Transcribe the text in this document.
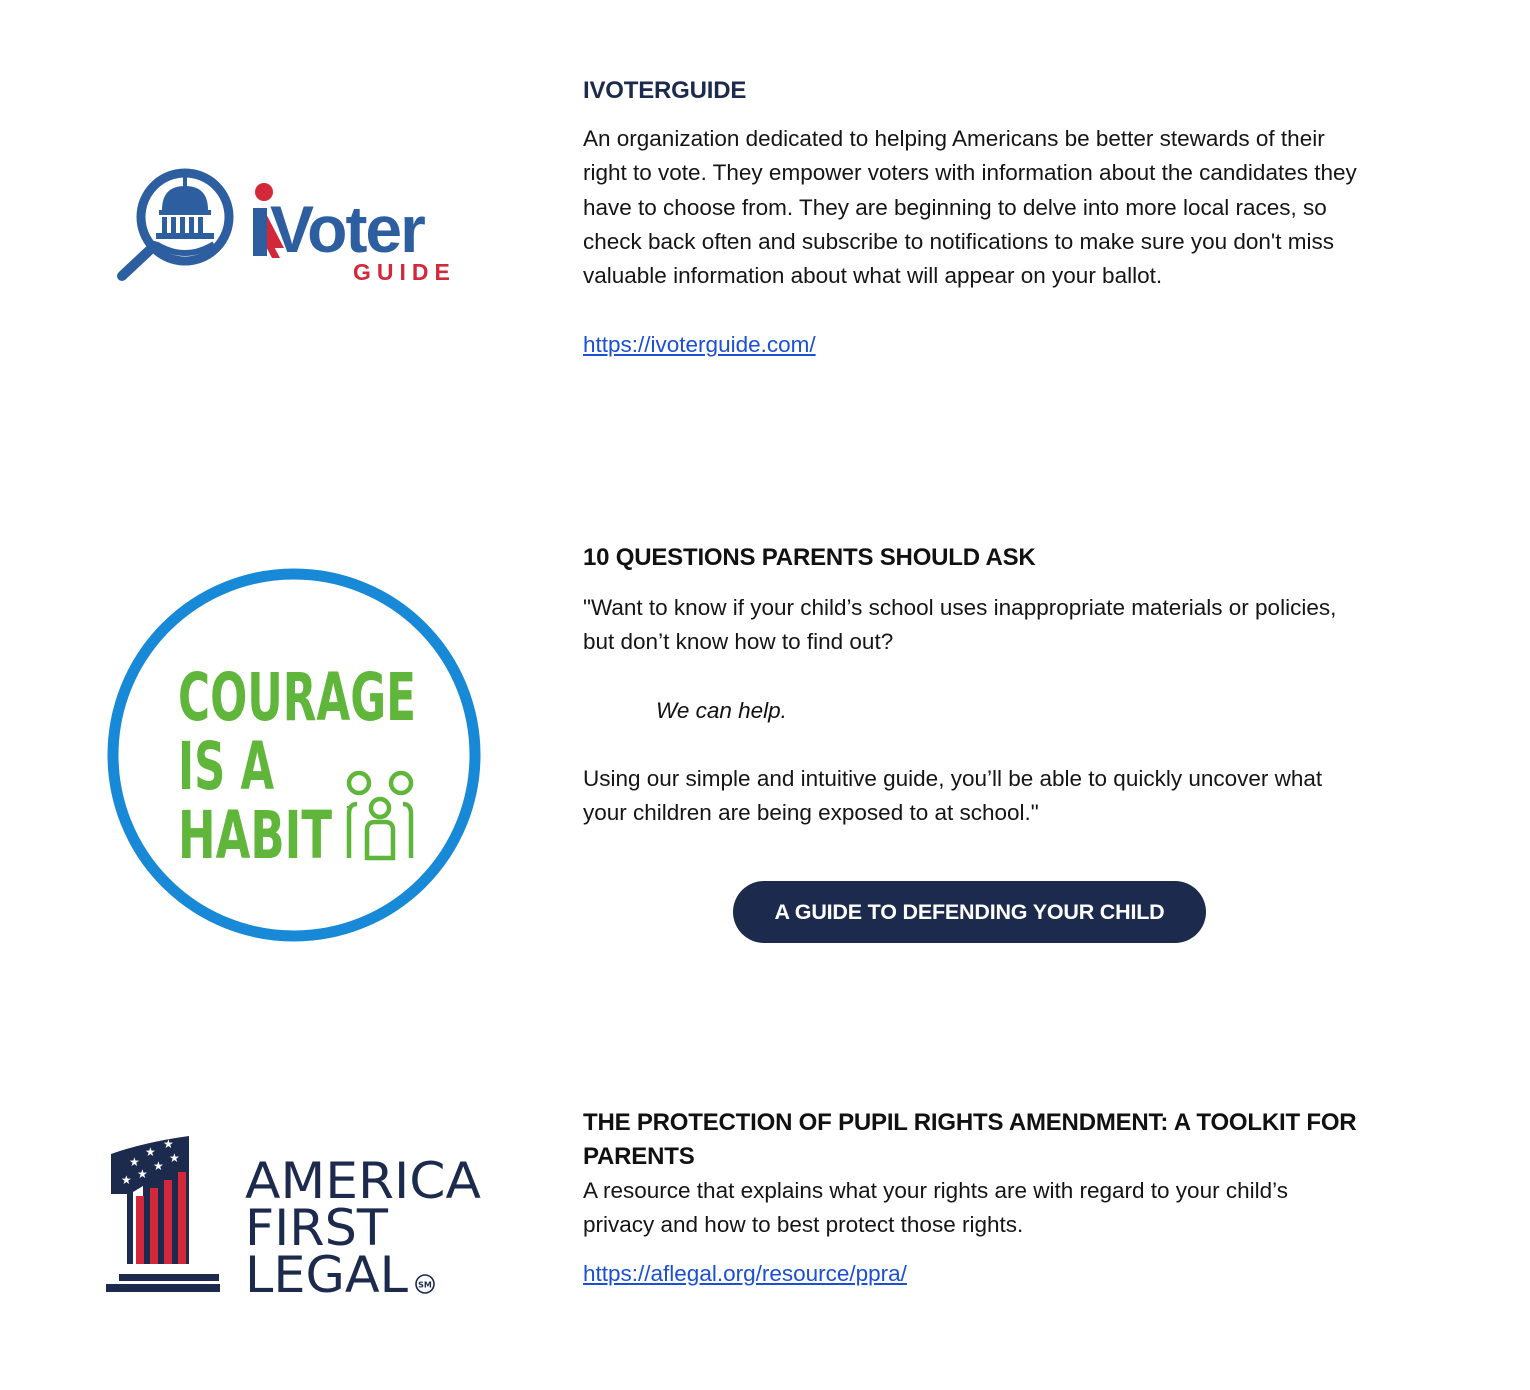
Voter
GUIDE
IVOTERGUIDE

An organization dedicated to helping Americans be better stewards of their right to vote. They empower voters with information about the candidates they have to choose from. They are beginning to delve into more local races, so check back often and subscribe to notifications to make sure you don't miss valuable information about what will appear on your ballot.

https://ivoterguide.com/
COURAGE
IS A
HABIT
10 QUESTIONS PARENTS SHOULD ASK

"Want to know if your child’s school uses inappropriate materials or policies, but don’t know how to find out?

We can help.

Using our simple and intuitive guide, you’ll be able to quickly uncover what your children are being exposed to at school."

A GUIDE TO DEFENDING YOUR CHILD
★ ★
★
★
★
★
★ AMERICA
FIRST
LEGAL SM
THE PROTECTION OF PUPIL RIGHTS AMENDMENT: A TOOLKIT FOR PARENTS

A resource that explains what your rights are with regard to your child’s privacy and how to best protect those rights.

https://aflegal.org/resource/ppra/
